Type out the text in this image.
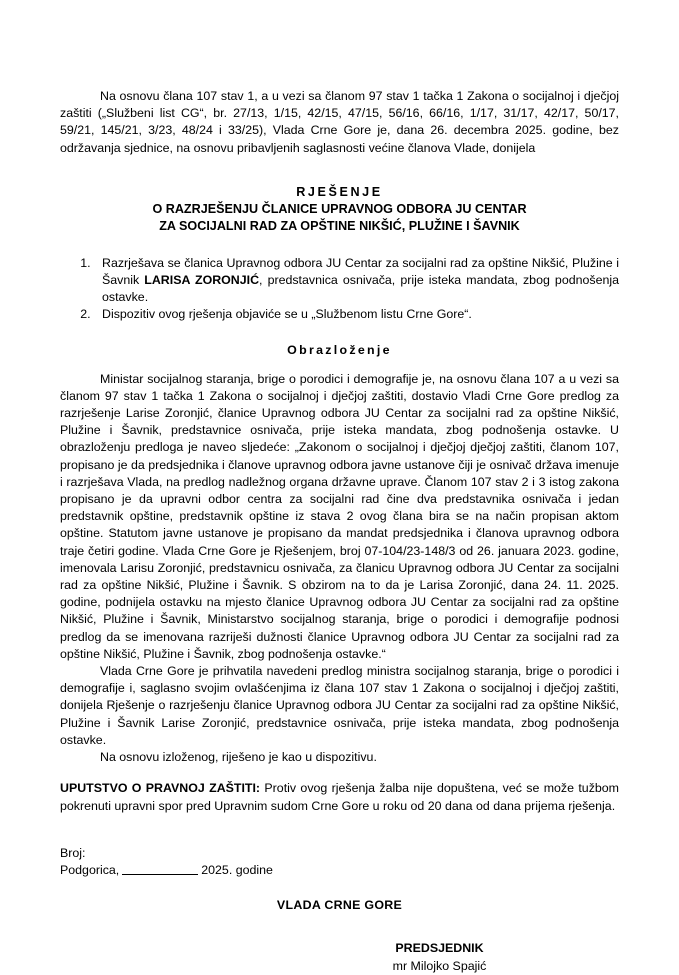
Na osnovu člana 107 stav 1, a u vezi sa članom 97 stav 1 tačka 1 Zakona o socijalnoj i dječjoj zaštiti („Službeni list CG“, br. 27/13, 1/15, 42/15, 47/15, 56/16, 66/16, 1/17, 31/17, 42/17, 50/17, 59/21, 145/21, 3/23, 48/24 i 33/25), Vlada Crne Gore je, dana 26. decembra 2025. godine, bez održavanja sjednice, na osnovu pribavljenih saglasnosti većine članova Vlade, donijela

RJEŠENJE

O RAZRJEŠENJU ČLANICE UPRAVNOG ODBORA JU CENTAR

ZA SOCIJALNI RAD ZA OPŠTINE NIKŠIĆ, PLUŽINE I ŠAVNIK

1. Razrješava se članica Upravnog odbora JU Centar za socijalni rad za opštine Nikšić, Plužine i Šavnik LARISA ZORONJIĆ, predstavnica osnivača, prije isteka mandata, zbog podnošenja ostavke.
2. Dispozitiv ovog rješenja objaviće se u „Službenom listu Crne Gore“.

Obrazloženje

Ministar socijalnog staranja, brige o porodici i demografije je, na osnovu člana 107 a u vezi sa članom 97 stav 1 tačka 1 Zakona o socijalnoj i dječjoj zaštiti, dostavio Vladi Crne Gore predlog za razrješenje Larise Zoronjić, članice Upravnog odbora JU Centar za socijalni rad za opštine Nikšić, Plužine i Šavnik, predstavnice osnivača, prije isteka mandata, zbog podnošenja ostavke. U obrazloženju predloga je naveo sljedeće: „Zakonom o socijalnoj i dječjoj dječjoj zaštiti, članom 107, propisano je da predsjednika i članove upravnog odbora javne ustanove čiji je osnivač država imenuje i razrješava Vlada, na predlog nadležnog organa državne uprave. Članom 107 stav 2 i 3 istog zakona propisano je da upravni odbor centra za socijalni rad čine dva predstavnika osnivača i jedan predstavnik opštine, predstavnik opštine iz stava 2 ovog člana bira se na način propisan aktom opštine. Statutom javne ustanove je propisano da mandat predsjednika i članova upravnog odbora traje četiri godine. Vlada Crne Gore je Rješenjem, broj 07-104/23-148/3 od 26. januara 2023. godine, imenovala Larisu Zoronjić, predstavnicu osnivača, za članicu Upravnog odbora JU Centar za socijalni rad za opštine Nikšić, Plužine i Šavnik. S obzirom na to da je Larisa Zoronjić, dana 24. 11. 2025. godine, podnijela ostavku na mjesto članice Upravnog odbora JU Centar za socijalni rad za opštine Nikšić, Plužine i Šavnik, Ministarstvo socijalnog staranja, brige o porodici i demografije podnosi predlog da se imenovana razriješi dužnosti članice Upravnog odbora JU Centar za socijalni rad za opštine Nikšić, Plužine i Šavnik, zbog podnošenja ostavke.“

Vlada Crne Gore je prihvatila navedeni predlog ministra socijalnog staranja, brige o porodici i demografije i, saglasno svojim ovlašćenjima iz člana 107 stav 1 Zakona o socijalnoj i dječjoj zaštiti, donijela Rješenje o razrješenju članice Upravnog odbora JU Centar za socijalni rad za opštine Nikšić, Plužine i Šavnik Larise Zoronjić, predstavnice osnivača, prije isteka mandata, zbog podnošenja ostavke.

Na osnovu izloženog, riješeno je kao u dispozitivu.

UPUTSTVO O PRAVNOJ ZAŠTITI: Protiv ovog rješenja žalba nije dopuštena, već se može tužbom pokrenuti upravni spor pred Upravnim sudom Crne Gore u roku od 20 dana od dana prijema rješenja.

Broj:

Podgorica,	2025. godine

VLADA CRNE GORE

PREDSJEDNIK

mr Milojko Spajić
